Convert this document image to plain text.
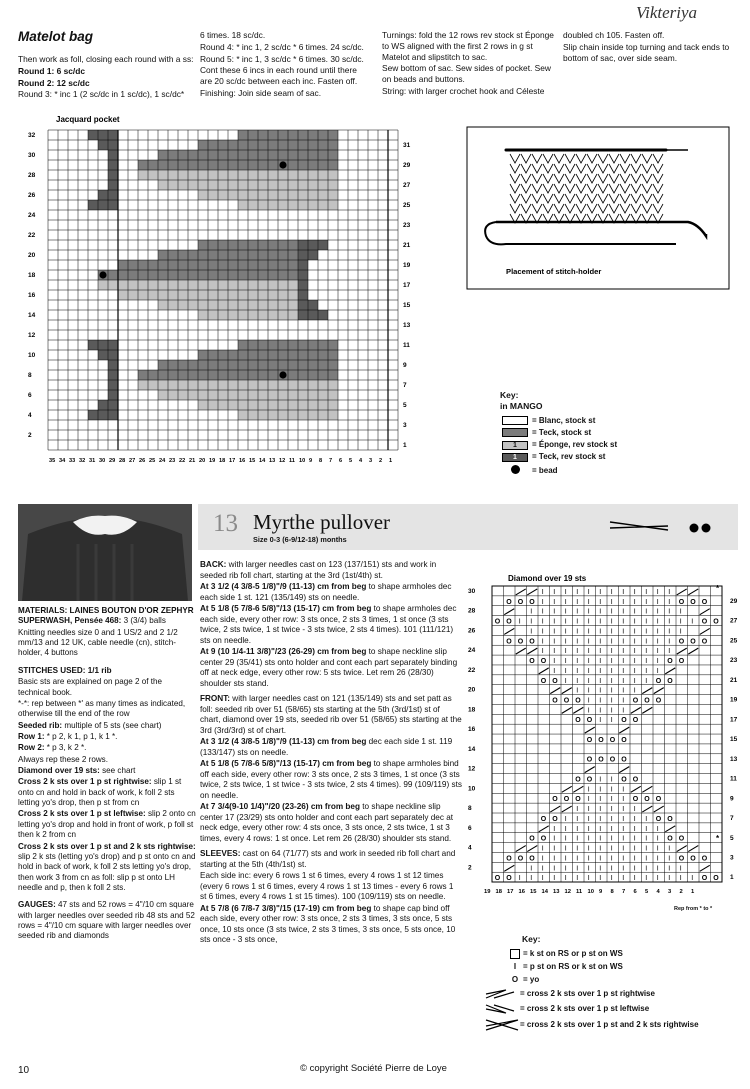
Vikteriya
Matelot bag

Then work as foll, closing each round with a ss:

Round 1: 6 sc/dc

Round 2: 12 sc/dc

Round 3: * inc 1 (2 sc/dc in 1 sc/dc), 1 sc/dc*

6 times. 18 sc/dc.

Round 4: * inc 1, 2 sc/dc * 6 times. 24 sc/dc.

Round 5: * inc 1, 3 sc/dc * 6 times. 30 sc/dc.

Cont these 6 incs in each round until there are 20 sc/dc between each inc. Fasten off.

Finishing: Join side seam of sac.

Turnings: fold the 12 rows rev stock st Éponge to WS aligned with the first 2 rows in g st Matelot and slipstitch to sac.

Sew bottom of sac. Sew sides of pocket. Sew on beads and buttons.

String: with larger crochet hook and Céleste

doubled ch 105. Fasten off.

Slip chain inside top turning and tack ends to bottom of sac, over side seam.

Jacquard pocket
32
30
28
26
24
22
20
18
16
14
12
10
8
6
4
2
31
29
27
25
23
21
19
17
15
13
11
9
7
5
3
1
35 34 33 32 31 30 29 28 27 26 25 24 23 22 21 20 19 18 17 16 15 14 13 12 11 10 9 8 7 6 5 4 3 2 1
Placement of stitch-holder
Key:
in MANGO
	= Blanc, stock st
	= Teck, stock st
1	= Éponge, rev stock st
1	= Teck, rev stock st
	= bead
13 Myrthe pullover
Size 0-3 (6-9/12-18) months

MATERIALS: LAINES BOUTON D'OR ZEPHYR SUPERWASH, Pensée 468: 3 (3/4) balls

Knitting needles size 0 and 1 US/2 and 2 1/2 mm/13 and 12 UK, cable needle (cn), stitch-holder, 4 buttons

STITCHES USED: 1/1 rib

Basic sts are explained on page 2 of the technical book.

*-*: rep between *' as many times as indicated, otherwise till the end of the row

Seeded rib: multiple of 5 sts (see chart)

Row 1: * p 2, k 1, p 1, k 1 *.

Row 2: * p 3, k 2 *.

Always rep these 2 rows.

Diamond over 19 sts: see chart

Cross 2 k sts over 1 p st rightwise: slip 1 st onto cn and hold in back of work, k foll 2 sts letting yo's drop, then p st from cn

Cross 2 k sts over 1 p st leftwise: slip 2 onto cn letting yo's drop and hold in front of work, p foll st then k 2 from cn

Cross 2 k sts over 1 p st and 2 k sts rightwise: slip 2 k sts (letting yo's drop) and p st onto cn and hold in back of work, k foll 2 sts letting yo's drop, then work 3 from cn as foll: slip p st onto LH needle and p, then k foll 2 sts.

GAUGES: 47 sts and 52 rows = 4"/10 cm square with larger needles over seeded rib 48 sts and 52 rows = 4"/10 cm square with larger needles over seeded rib and diamonds

BACK: with larger needles cast on 123 (137/151) sts and work in seeded rib foll chart, starting at the 3rd (1st/4th) st.

At 3 1/2 (4 3/8-5 1/8)"/9 (11-13) cm from beg to shape armholes dec each side 1 st. 121 (135/149) sts on needle.

At 5 1/8 (5 7/8-6 5/8)"/13 (15-17) cm from beg to shape armholes dec each side, every other row: 3 sts once, 2 sts 3 times, 1 st once (3 sts twice, 2 sts twice, 1 st twice - 3 sts twice, 2 sts 4 times). 101 (111/121) sts on needle.

At 9 (10 1/4-11 3/8)"/23 (26-29) cm from beg to shape neckline slip center 29 (35/41) sts onto holder and cont each part separately binding off at neck edge, every other row: 5 sts twice. Let rem 26 (28/30) shoulder sts stand.

FRONT: with larger needles cast on 121 (135/149) sts and set patt as foll: seeded rib over 51 (58/65) sts starting at the 5th (3rd/1st) st of chart, diamond over 19 sts, seeded rib over 51 (58/65) sts starting at the 3rd (3rd/3rd) st of chart.

At 3 1/2 (4 3/8-5 1/8)"/9 (11-13) cm from beg dec each side 1 st. 119 (133/147) sts on needle.

At 5 1/8 (5 7/8-6 5/8)"/13 (15-17) cm from beg to shape armholes bind off each side, every other row: 3 sts once, 2 sts 3 times, 1 st once (3 sts twice, 2 sts twice, 1 st twice - 3 sts twice, 2 sts 4 times). 99 (109/119) sts on needle.

At 7 3/4(9-10 1/4)"/20 (23-26) cm from beg to shape neckline slip center 17 (23/29) sts onto holder and cont each part separately dec at neck edge, every other row: 4 sts once, 3 sts once, 2 sts twice, 1 st 3 times, every 4 rows: 1 st once. Let rem 26 (28/30) shoulder sts stand.

SLEEVES: cast on 64 (71/77) sts and work in seeded rib foll chart and starting at the 5th (4th/1st) st.

Each side inc: every 6 rows 1 st 6 times, every 4 rows 1 st 12 times (every 6 rows 1 st 6 times, every 4 rows 1 st 13 times - every 6 rows 1 st 6 times, every 4 rows 1 st 15 times). 100 (109/119) sts on needle.

At 5 7/8 (6 7/8-7 3/8)"/15 (17-19) cm from beg to shape cap bind off each side, every other row: 3 sts once, 2 sts 3 times, 3 sts once, 5 sts once, 10 sts once (3 sts twice, 2 sts 3 times, 3 sts once, 5 sts once, 10 sts once - 3 sts once,

Diamond over 19 sts
I I I I I I I I I I I I
O O O I I I I I I I I I I I I O O O
I I I I I I I I I I I I I I
O O I I I I I I I I I I I I I I I I O O
I I I I I I I I I I I I I I
O O O I I I I I I I I I I I I O O O
I I I I I I I I I I I I
O O I I I I I I I I I I O O
I I I I I I I I I I
O O I I I I I I I I O O
I I I I I I
O O O I I I I O O O
I I I I
O O I I O O
O O O O
O O O O
O O I I O O
I I I I
O O O I I I I O O O
I I I I I I
O O I I I I I I I I O O
I I I I I I I I I I
O O I I I I I I I I I I O O
I I I I I I I I I I I I
O O O I I I I I I I I I I I I O O O
I I I I I I I I I I I I I I
O O I I I I I I I I I I I I I I I I O O
30
28
26
24
22
20
18
16
14
12
10
8
6
4
2
29
27
25
23
21
19
17
15
13
11
9
7
5
3
1
19 18 17 16 15 14 13 12 11 10 9 8 7 6 5 4 3 2 1
*
*
Rep from * to *
Key:
= k st on RS or p st on WS
I = p st on RS or k st on WS
O = yo
= cross 2 k sts over 1 p st rightwise
= cross 2 k sts over 1 p st leftwise
= cross 2 k sts over 1 p st and 2 k sts rightwise
10	© copyright Société Pierre de Loye
